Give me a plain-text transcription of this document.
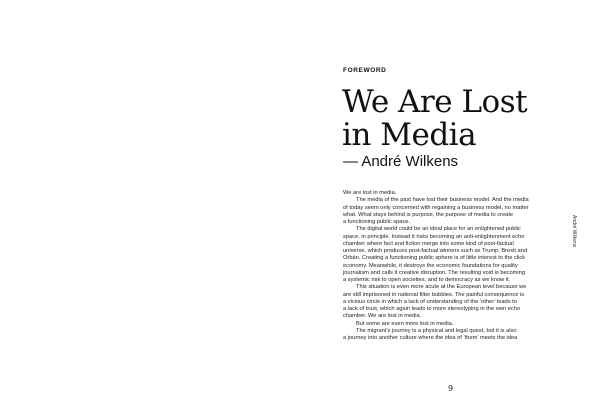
FOREWORD
We Are Lost
in Media
— André Wilkens
We are lost in media.
The media of the past have lost their business model. And the media
of today seem only concerned with regaining a business model, no matter
what. What stays behind is purpose, the purpose of media to create
a functioning public space.
The digital world could be an ideal place for an enlightened public
space, in principle. Instead it risks becoming an anti-enlightenment echo
chamber where fact and fiction merge into some kind of post-factual
universe, which produces post-factual winners such as Trump, Brexit and
Orbán. Creating a functioning public sphere is of little interest to the click
economy. Meanwhile, it destroys the economic foundations for quality
journalism and calls it creative disruption. The resulting void is becoming
a systemic risk to open societies, and to democracy as we know it.
This situation is even more acute at the European level because we
are still imprisoned in national filter bubbles. The painful consequence is
a vicious circle in which a lack of understanding of the ‘other’ leads to
a lack of trust, which again leads to more stereotyping in the own echo
chamber. We are lost in media.
But some are even more lost in media.
The migrant’s journey is a physical and legal quest, but it is also
a journey into another culture where the idea of ‘them’ meets the idea
André Wilkens
9
